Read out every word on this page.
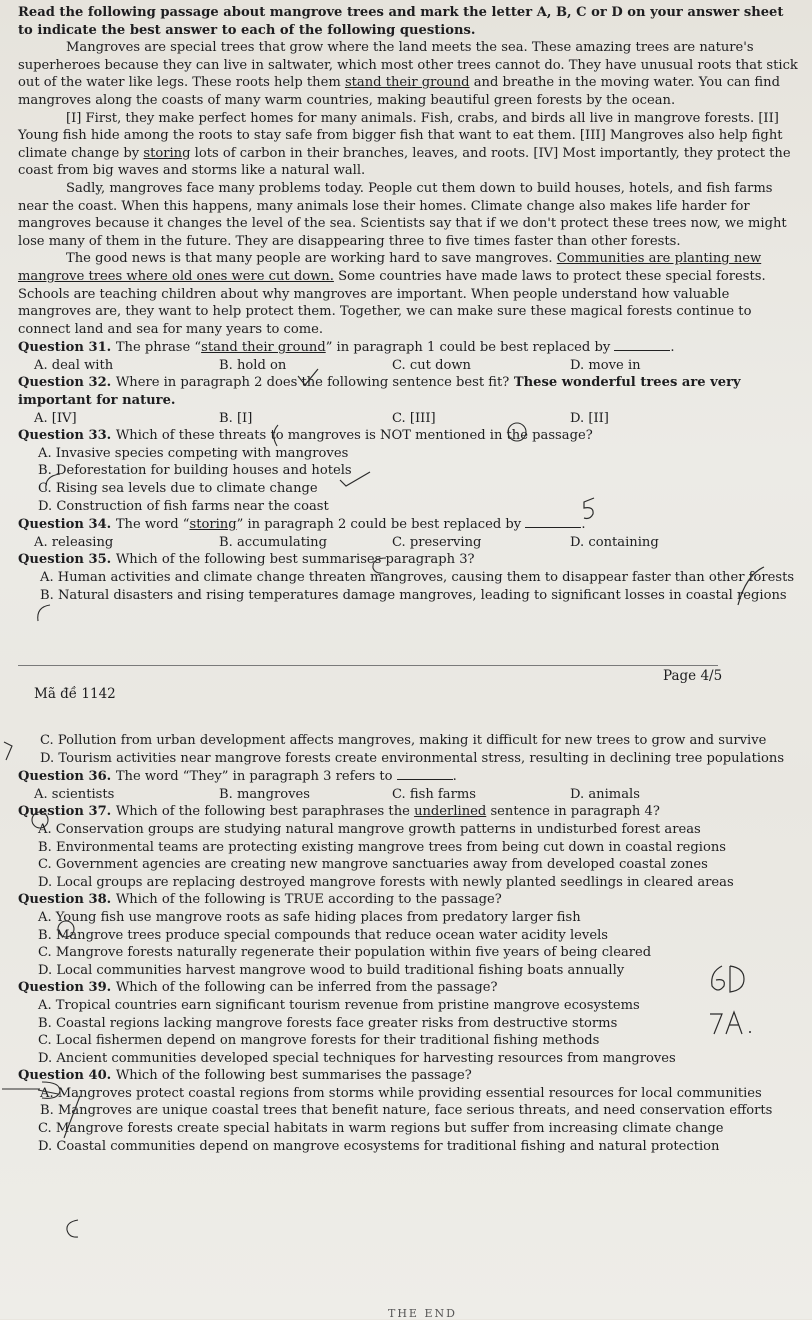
Read the following passage about mangrove trees and mark the letter A, B, C or D on your answer sheet to indicate the best answer to each of the following questions.

Mangroves are special trees that grow where the land meets the sea. These amazing trees are nature's superheroes because they can live in saltwater, which most other trees cannot do. They have unusual roots that stick out of the water like legs. These roots help them stand their ground and breathe in the moving water. You can find mangroves along the coasts of many warm countries, making beautiful green forests by the ocean.

[I] First, they make perfect homes for many animals. Fish, crabs, and birds all live in mangrove forests. [II] Young fish hide among the roots to stay safe from bigger fish that want to eat them. [III] Mangroves also help fight climate change by storing lots of carbon in their branches, leaves, and roots. [IV] Most importantly, they protect the coast from big waves and storms like a natural wall.

Sadly, mangroves face many problems today. People cut them down to build houses, hotels, and fish farms near the coast. When this happens, many animals lose their homes. Climate change also makes life harder for mangroves because it changes the level of the sea. Scientists say that if we don't protect these trees now, we might lose many of them in the future. They are disappearing three to five times faster than other forests.

The good news is that many people are working hard to save mangroves. Communities are planting new mangrove trees where old ones were cut down. Some countries have made laws to protect these special forests. Schools are teaching children about why mangroves are important. When people understand how valuable mangroves are, they want to help protect them. Together, we can make sure these magical forests continue to connect land and sea for many years to come.

Question 31. The phrase “stand their ground” in paragraph 1 could be best replaced by	.

A. deal with	B. hold on	C. cut down	D. move in

Question 32. Where in paragraph 2 does the following sentence best fit? These wonderful trees are very important for nature.

A. [IV]	B. [I]	C. [III]	D. [II]

Question 33. Which of these threats to mangroves is NOT mentioned in the passage?

A. Invasive species competing with mangroves

B. Deforestation for building houses and hotels

C. Rising sea levels due to climate change

D. Construction of fish farms near the coast

Question 34. The word “storing” in paragraph 2 could be best replaced by	.

A. releasing	B. accumulating	C. preserving	D. containing

Question 35. Which of the following best summarises paragraph 3?

A. Human activities and climate change threaten mangroves, causing them to disappear faster than other forests

B. Natural disasters and rising temperatures damage mangroves, leading to significant losses in coastal regions

Page 4/5
Mã đề 1142

C. Pollution from urban development affects mangroves, making it difficult for new trees to grow and survive

D. Tourism activities near mangrove forests create environmental stress, resulting in declining tree populations

Question 36. The word “They” in paragraph 3 refers to	.

A. scientists	B. mangroves	C. fish farms	D. animals

Question 37. Which of the following best paraphrases the underlined sentence in paragraph 4?

A. Conservation groups are studying natural mangrove growth patterns in undisturbed forest areas

B. Environmental teams are protecting existing mangrove trees from being cut down in coastal regions

C. Government agencies are creating new mangrove sanctuaries away from developed coastal zones

D. Local groups are replacing destroyed mangrove forests with newly planted seedlings in cleared areas

Question 38. Which of the following is TRUE according to the passage?

A. Young fish use mangrove roots as safe hiding places from predatory larger fish

B. Mangrove trees produce special compounds that reduce ocean water acidity levels

C. Mangrove forests naturally regenerate their population within five years of being cleared

D. Local communities harvest mangrove wood to build traditional fishing boats annually

Question 39. Which of the following can be inferred from the passage?

A. Tropical countries earn significant tourism revenue from pristine mangrove ecosystems

B. Coastal regions lacking mangrove forests face greater risks from destructive storms

C. Local fishermen depend on mangrove forests for their traditional fishing methods

D. Ancient communities developed special techniques for harvesting resources from mangroves

Question 40. Which of the following best summarises the passage?

A. Mangroves protect coastal regions from storms while providing essential resources for local communities

B. Mangroves are unique coastal trees that benefit nature, face serious threats, and need conservation efforts

C. Mangrove forests create special habitats in warm regions but suffer from increasing climate change

D. Coastal communities depend on mangrove ecosystems for traditional fishing and natural protection

THE END
